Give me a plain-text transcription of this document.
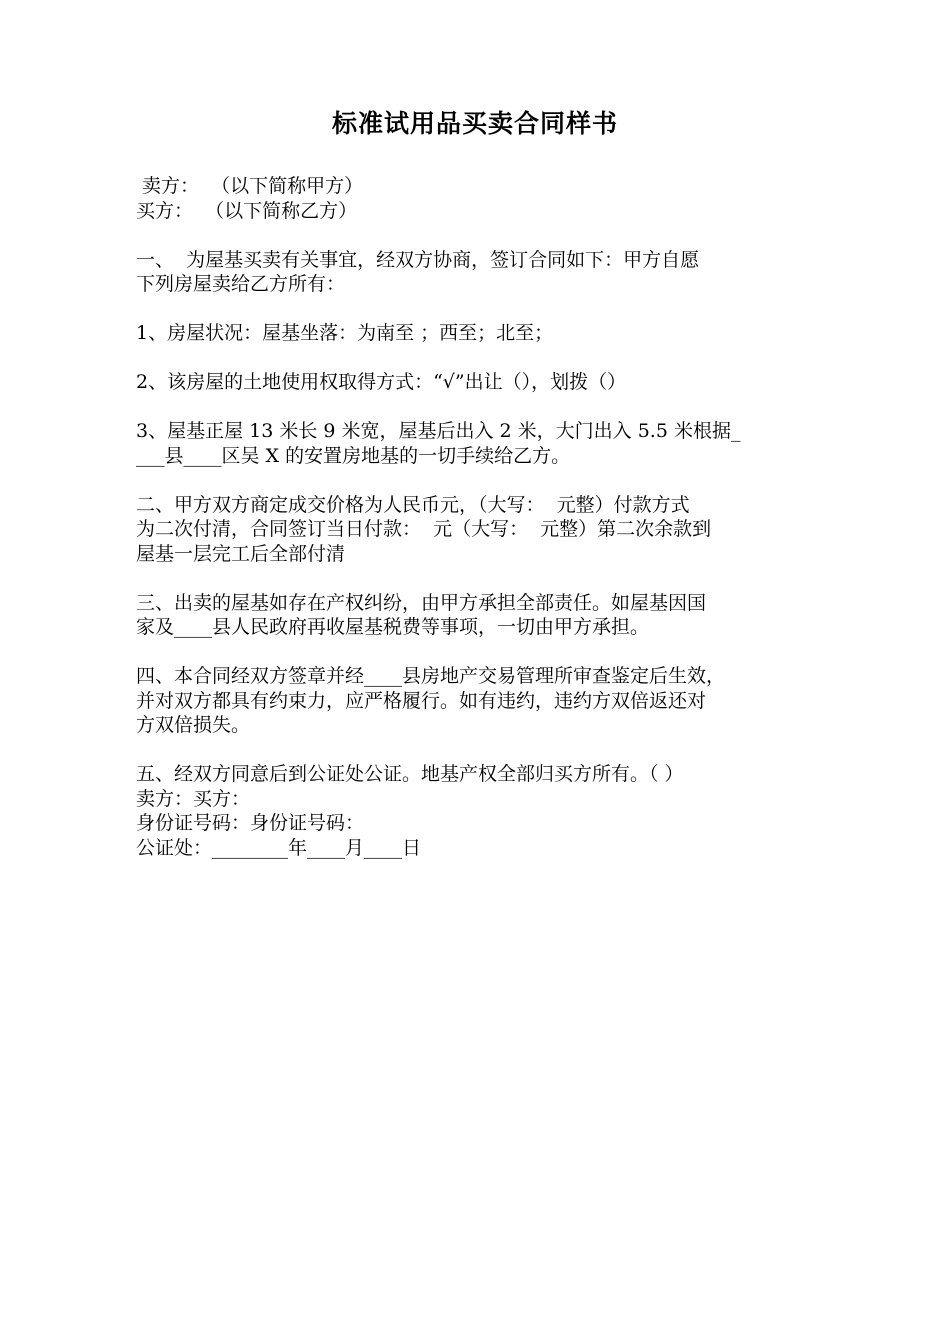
标准试用品买卖合同样书
卖方：  （以下简称甲方）
买方：  （以下简称乙方）
一、  为屋基买卖有关事宜，经双方协商，签订合同如下：甲方自愿
下列房屋卖给乙方所有：
1、房屋状况：屋基坐落：为南至 ；西至；北至；
2、该房屋的土地使用权取得方式：“√”出让（），划拨（）
3、屋基正屋 13 米长 9 米宽，屋基后出入 2 米，大门出入 5.5 米根据_
___县____区吴 X 的安置房地基的一切手续给乙方。
二、甲方双方商定成交价格为人民币元，（大写：  元整）付款方式
为二次付清，合同签订当日付款：  元（大写：  元整）第二次余款到
屋基一层完工后全部付清
三、出卖的屋基如存在产权纠纷，由甲方承担全部责任。如屋基因国
家及____县人民政府再收屋基税费等事项，一切由甲方承担。
四、本合同经双方签章并经____县房地产交易管理所审查鉴定后生效，
并对双方都具有约束力，应严格履行。如有违约，违约方双倍返还对
方双倍损失。
五、经双方同意后到公证处公证。地基产权全部归买方所有。（ ）
卖方：买方：
身份证号码：身份证号码：
公证处：________年____月____日
